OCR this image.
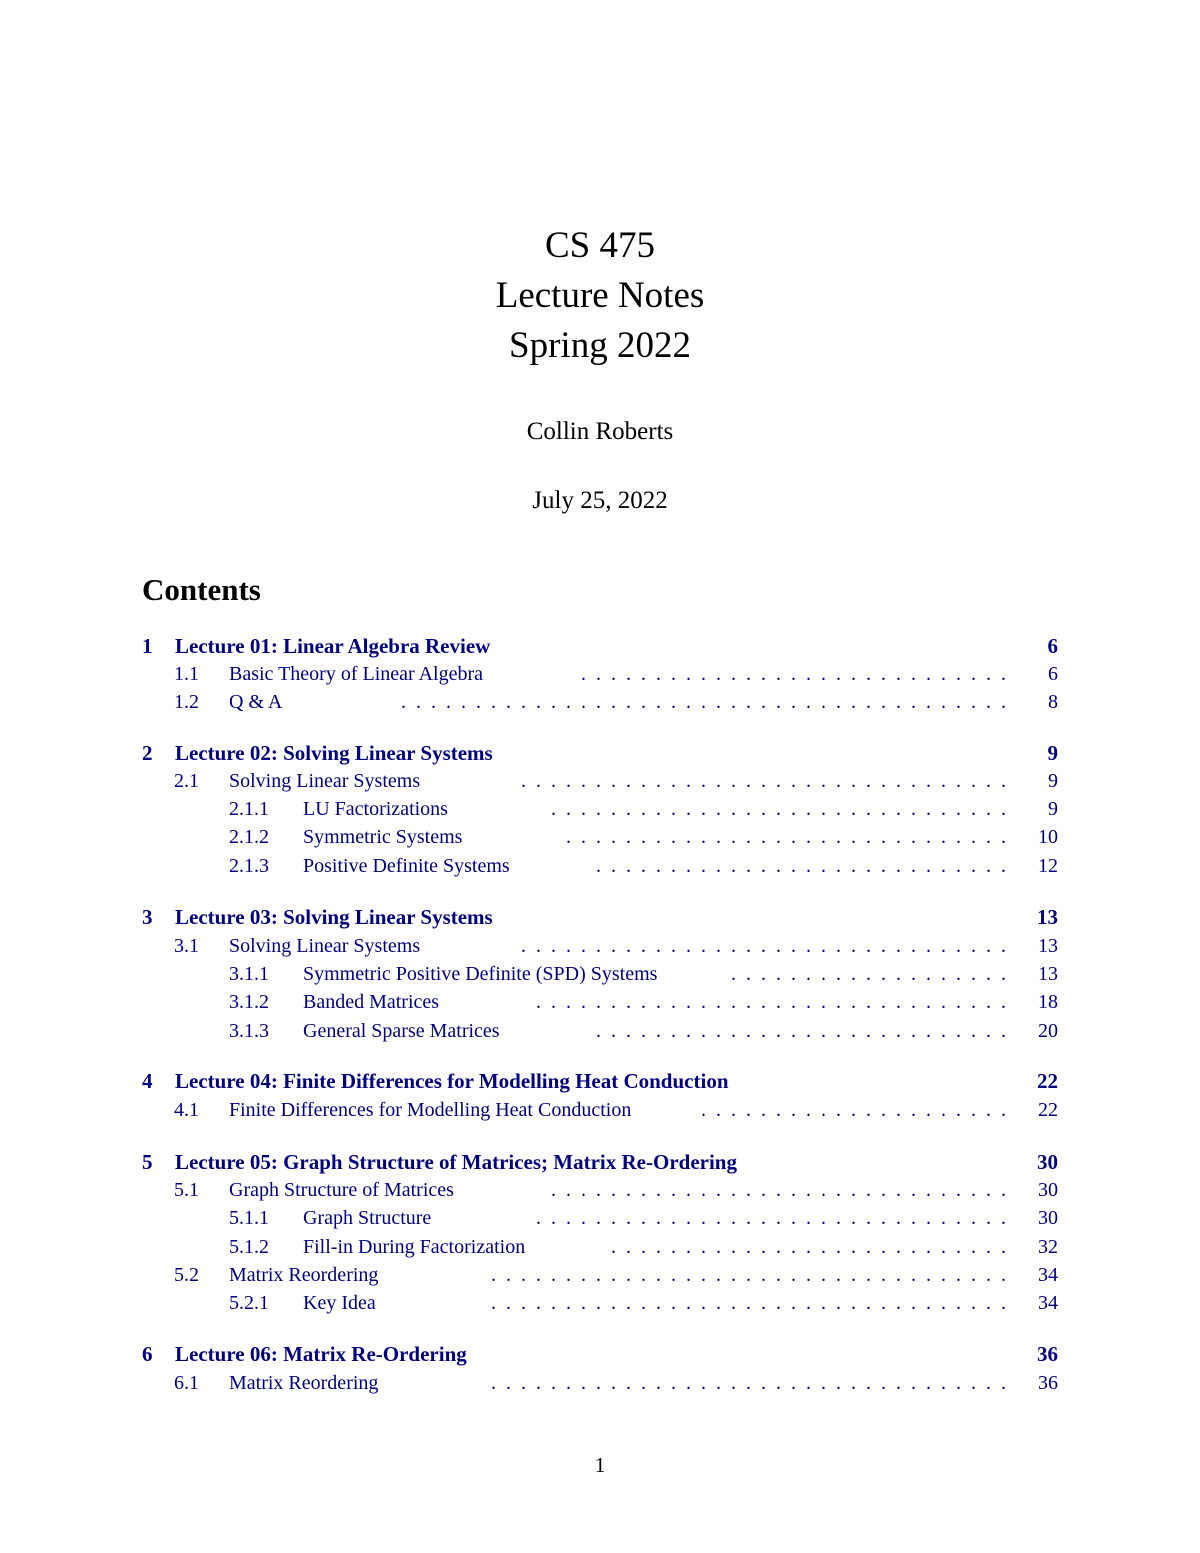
CS 475
Lecture Notes
Spring 2022
Collin Roberts
July 25, 2022
Contents
1 Lecture 01: Linear Algebra Review	6
1.1 Basic Theory of Linear Algebra	 . . . . . . . . . . . . . . . . . . . . . . . . . . . . . 6
1.2 Q & A	 . . . . . . . . . . . . . . . . . . . . . . . . . . . . . . . . . . . . . . . . . 8
2 Lecture 02: Solving Linear Systems	9
2.1 Solving Linear Systems	 . . . . . . . . . . . . . . . . . . . . . . . . . . . . . . . . . 9
2.1.1 LU Factorizations	 . . . . . . . . . . . . . . . . . . . . . . . . . . . . . . . 9
2.1.2 Symmetric Systems	 . . . . . . . . . . . . . . . . . . . . . . . . . . . . . . 10
2.1.3 Positive Definite Systems	 . . . . . . . . . . . . . . . . . . . . . . . . . . . . 12
3 Lecture 03: Solving Linear Systems	13
3.1 Solving Linear Systems	 . . . . . . . . . . . . . . . . . . . . . . . . . . . . . . . . . 13
3.1.1 Symmetric Positive Definite (SPD) Systems	 . . . . . . . . . . . . . . . . . . . 13
3.1.2 Banded Matrices	 . . . . . . . . . . . . . . . . . . . . . . . . . . . . . . . . 18
3.1.3 General Sparse Matrices	 . . . . . . . . . . . . . . . . . . . . . . . . . . . . 20
4 Lecture 04: Finite Differences for Modelling Heat Conduction	22
4.1 Finite Differences for Modelling Heat Conduction	 . . . . . . . . . . . . . . . . . . . . . 22
5 Lecture 05: Graph Structure of Matrices; Matrix Re-Ordering	30
5.1 Graph Structure of Matrices	 . . . . . . . . . . . . . . . . . . . . . . . . . . . . . . . 30
5.1.1 Graph Structure	 . . . . . . . . . . . . . . . . . . . . . . . . . . . . . . . . 30
5.1.2 Fill-in During Factorization	 . . . . . . . . . . . . . . . . . . . . . . . . . . . 32
5.2 Matrix Reordering	 . . . . . . . . . . . . . . . . . . . . . . . . . . . . . . . . . . . 34
5.2.1 Key Idea	 . . . . . . . . . . . . . . . . . . . . . . . . . . . . . . . . . . . 34
6 Lecture 06: Matrix Re-Ordering	36
6.1 Matrix Reordering	 . . . . . . . . . . . . . . . . . . . . . . . . . . . . . . . . . . . 36
1
